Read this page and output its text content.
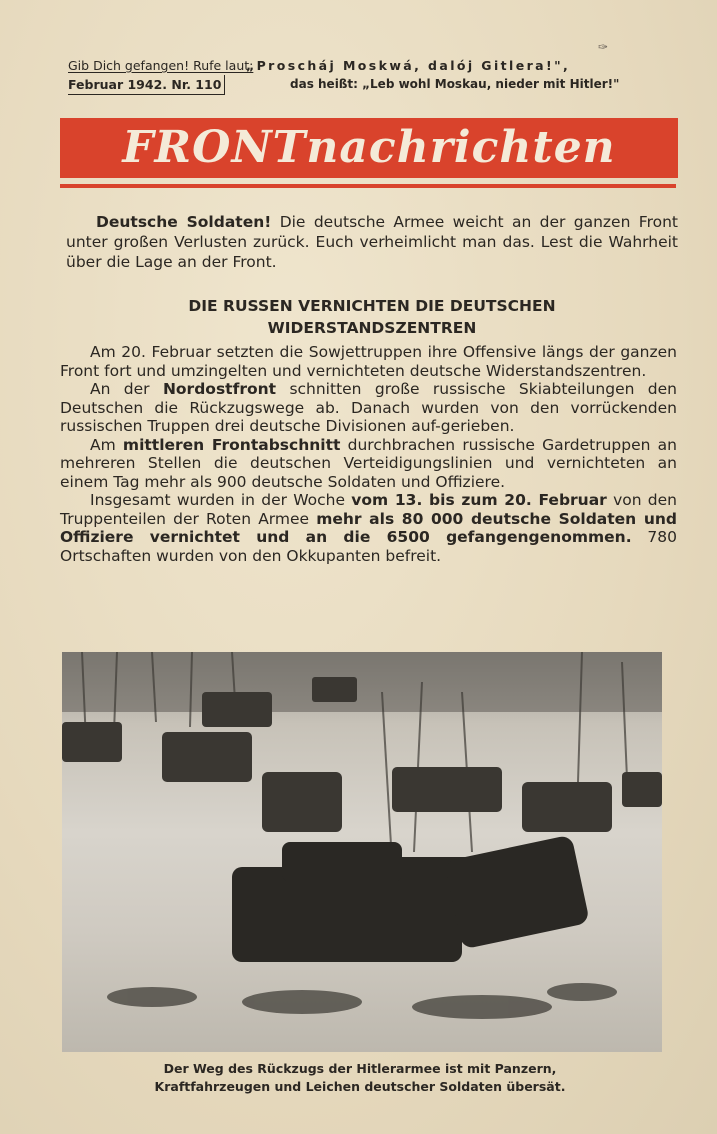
Gib Dich gefangen! Rufe laut:
Februar 1942. Nr. 110
„Proscháj Moskwá, dalój Gitlera!",
das heißt: „Leb wohl Moskau, nieder mit Hitler!"
✑
FRONTnachrichten
Deutsche Soldaten! Die deutsche Armee weicht an der ganzen Front unter großen Verlusten zurück. Euch verheimlicht man das. Lest die Wahrheit über die Lage an der Front.
DIE RUSSEN VERNICHTEN DIE DEUTSCHEN
WIDERSTANDSZENTREN

Am 20. Februar setzten die Sowjettruppen ihre Offensive längs der ganzen Front fort und umzingelten und vernichteten deutsche Widerstandszentren.

An der Nordostfront schnitten große russische Skiabteilungen den Deutschen die Rückzugswege ab. Danach wurden von den vorrückenden russischen Truppen drei deutsche Divisionen auf-gerieben.

Am mittleren Frontabschnitt durchbrachen russische Gardetruppen an mehreren Stellen die deutschen Verteidigungslinien und vernichteten an einem Tag mehr als 900 deutsche Soldaten und Offiziere.

Insgesamt wurden in der Woche vom 13. bis zum 20. Februar von den Truppenteilen der Roten Armee mehr als 80 000 deutsche Soldaten und Offiziere vernichtet und an die 6500 gefangengenommen. 780 Ortschaften wurden von den Okkupanten befreit.

Der Weg des Rückzugs der Hitlerarmee ist mit Panzern,
Kraftfahrzeugen und Leichen deutscher Soldaten übersät.
